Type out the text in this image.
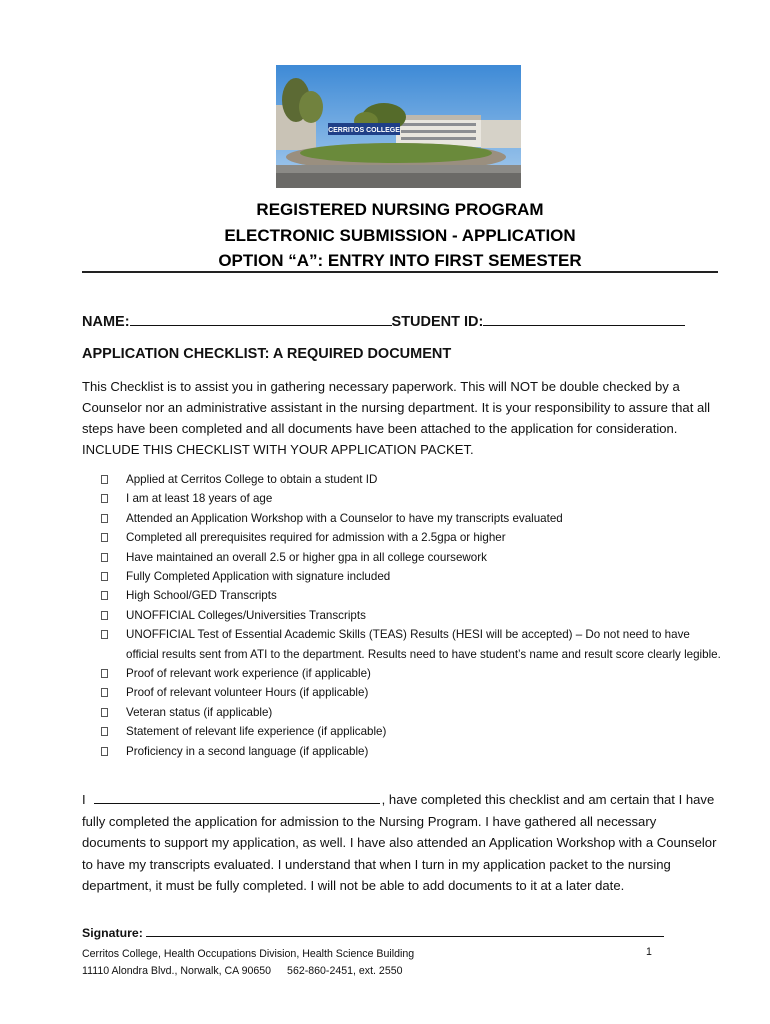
CERRITOS COLLEGE
REGISTERED NURSING PROGRAM
ELECTRONIC SUBMISSION - APPLICATION
OPTION “A”: ENTRY INTO FIRST SEMESTER
NAME:	STUDENT ID:
APPLICATION CHECKLIST: A REQUIRED DOCUMENT

This Checklist is to assist you in gathering necessary paperwork. This will NOT be double checked by a Counselor nor an administrative assistant in the nursing department. It is your responsibility to assure that all steps have been completed and all documents have been attached to the application for consideration. INCLUDE THIS CHECKLIST WITH YOUR APPLICATION PACKET.

Applied at Cerritos College to obtain a student ID
I am at least 18 years of age
Attended an Application Workshop with a Counselor to have my transcripts evaluated
Completed all prerequisites required for admission with a 2.5gpa or higher
Have maintained an overall 2.5 or higher gpa in all college coursework
Fully Completed Application with signature included
High School/GED Transcripts
UNOFFICIAL Colleges/Universities Transcripts
UNOFFICIAL Test of Essential Academic Skills (TEAS) Results (HESI will be accepted) – Do not need to have official results sent from ATI to the department. Results need to have student’s name and result score clearly legible.
Proof of relevant work experience (if applicable)
Proof of relevant volunteer Hours (if applicable)
Veteran status (if applicable)
Statement of relevant life experience (if applicable)
Proficiency in a second language (if applicable)

I	, have completed this checklist and am certain that I have fully completed the application for admission to the Nursing Program. I have gathered all necessary documents to support my application, as well. I have also attended an Application Workshop with a Counselor to have my transcripts evaluated. I understand that when I turn in my application packet to the nursing department, it must be fully completed. I will not be able to add documents to it at a later date.

Signature:
Cerritos College, Health Occupations Division, Health Science Building
11110 Alondra Blvd., Norwalk, CA 90650 562-860-2451, ext. 2550
1
